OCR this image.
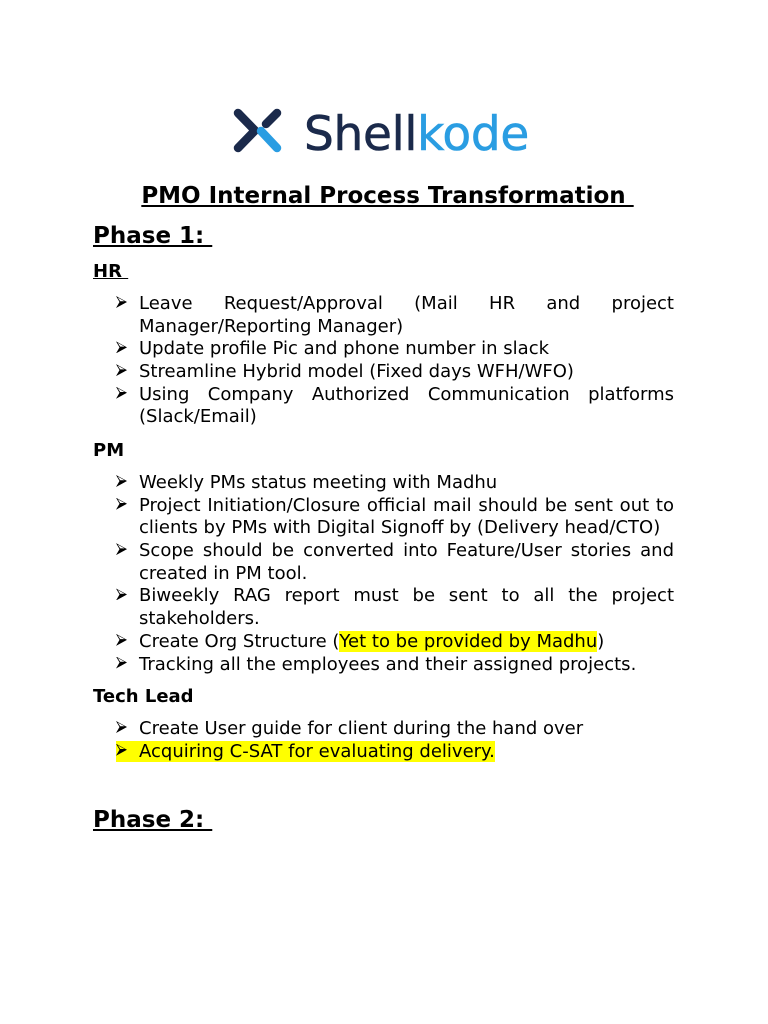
Shellkode
PMO Internal Process Transformation
Phase 1:
HR
Leave Request/Approval (Mail HR and project
Manager/Reporting Manager)
Update profile Pic and phone number in slack
Streamline Hybrid model (Fixed days WFH/WFO)
Using Company Authorized Communication platforms
(Slack/Email)
PM
Weekly PMs status meeting with Madhu
Project Initiation/Closure official mail should be sent out to
clients by PMs with Digital Signoff by (Delivery head/CTO)
Scope should be converted into Feature/User stories and
created in PM tool.
Biweekly RAG report must be sent to all the project
stakeholders.
Create Org Structure (Yet to be provided by Madhu)
Tracking all the employees and their assigned projects.
Tech Lead
Create User guide for client during the hand over
Acquiring C-SAT for evaluating delivery.
Phase 2:
